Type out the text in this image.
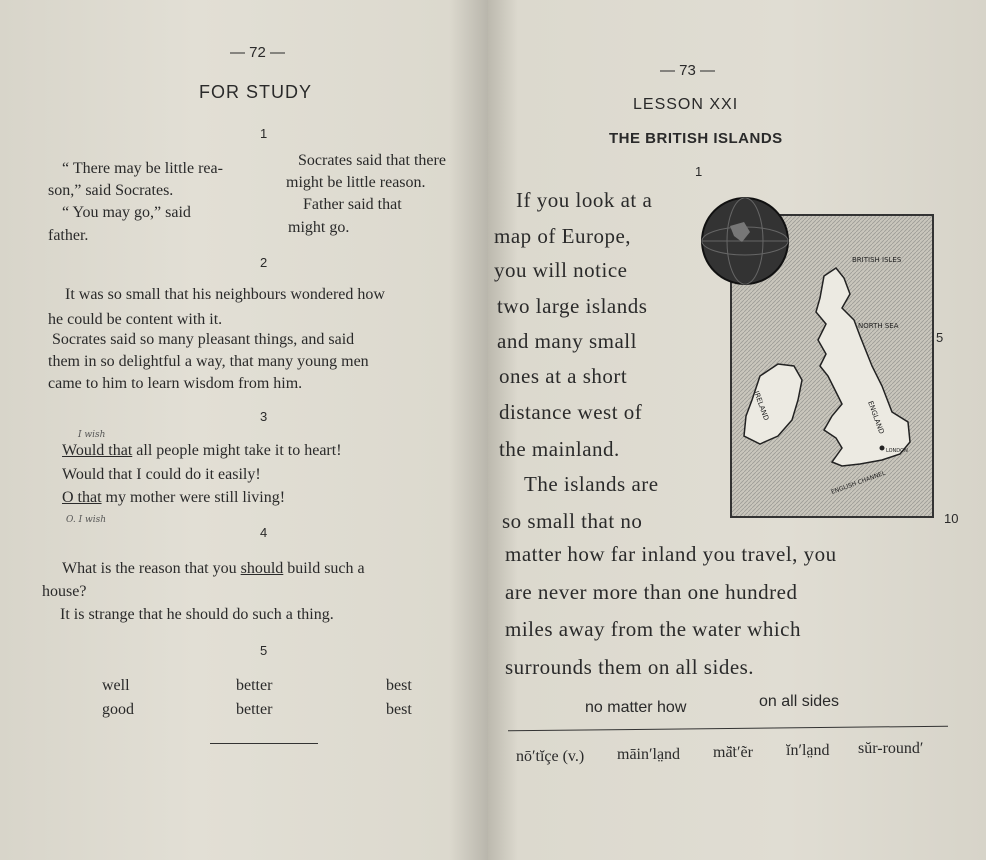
— 72 —
FOR STUDY
1
“ There may be little rea-
son,” said Socrates.
“ You may go,” said
father.
Socrates said that there
might be little reason.
Father said that
might go.
2
It was so small that his neighbours wondered how
he could be content with it.
Socrates said so many pleasant things, and said
them in so delightful a way, that many young men
came to him to learn wisdom from him.
3
I wish
Would that all people might take it to heart!
Would that I could do it easily!
O that my mother were still living!
O. I wish
4
What is the reason that you should build such a
house?
It is strange that he should do such a thing.
5
well	better	best
good	better	best
— 73 —
LESSON XXI
THE BRITISH ISLANDS
1
If you look at a
map of Europe,
you will notice
two large islands
and many small
ones at a short
distance west of
the mainland.
The islands are
so small that no
matter how far inland you travel, you
are never more than one hundred
miles away from the water which
surrounds them on all sides.
no matter how	on all sides
nō′tĭçe (v.) māin′la̤nd mă̈t′ẽr ĭn′la̤nd sŭr-round′
5
10
BRITISH ISLES
NORTH SEA
ENGLAND
IRELAND
LONDON
ENGLISH CHANNEL
